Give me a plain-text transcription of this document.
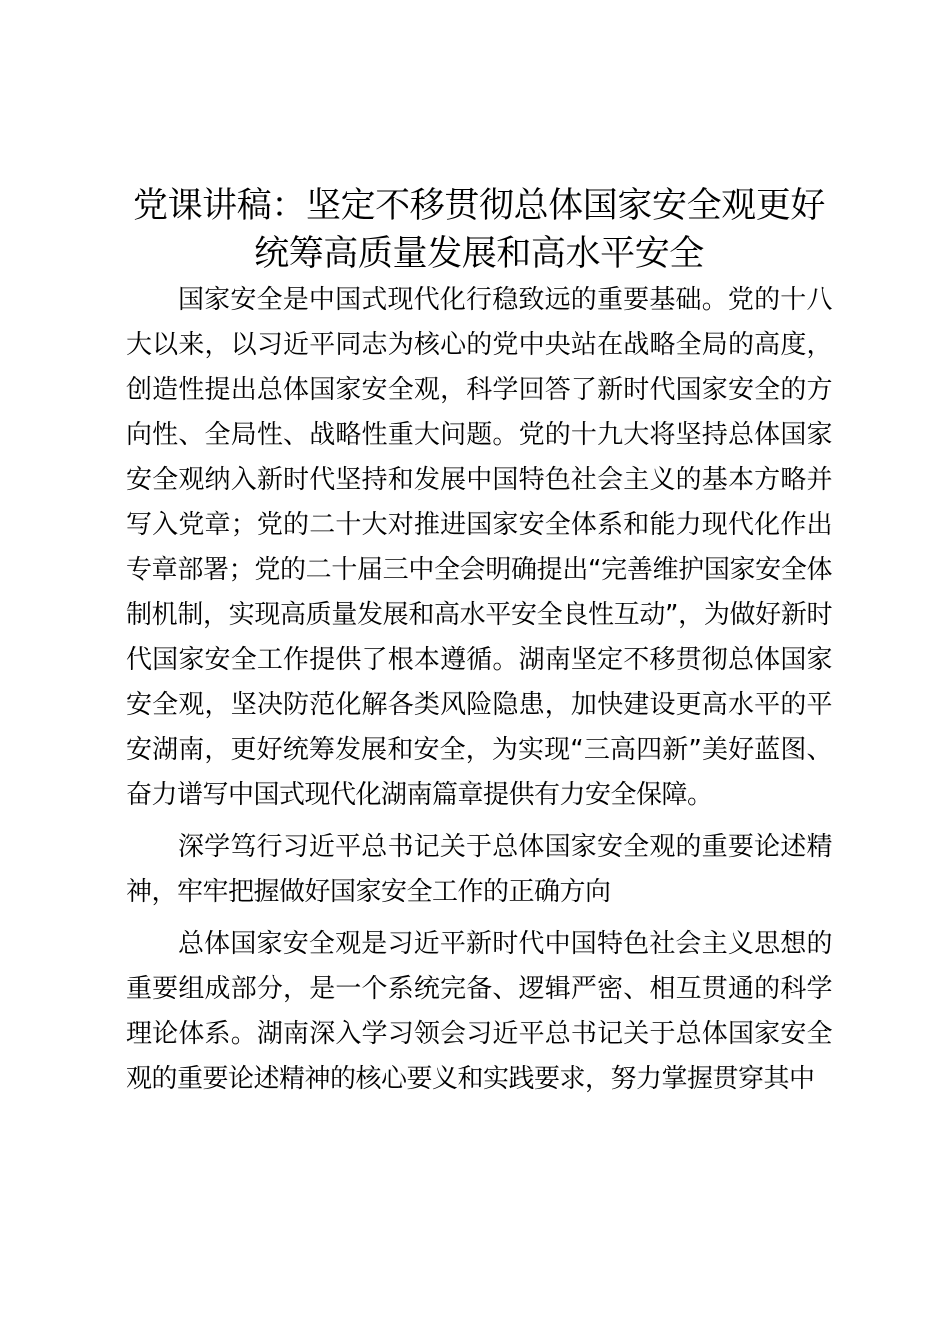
党课讲稿：坚定不移贯彻总体国家安全观更好
统筹高质量发展和高水平安全

国家安全是中国式现代化行稳致远的重要基础。党的十八大以来，以习近平同志为核心的党中央站在战略全局的高度，创造性提出总体国家安全观，科学回答了新时代国家安全的方向性、全局性、战略性重大问题。党的十九大将坚持总体国家安全观纳入新时代坚持和发展中国特色社会主义的基本方略并写入党章；党的二十大对推进国家安全体系和能力现代化作出专章部署；党的二十届三中全会明确提出“完善维护国家安全体制机制，实现高质量发展和高水平安全良性互动”，为做好新时代国家安全工作提供了根本遵循。湖南坚定不移贯彻总体国家安全观，坚决防范化解各类风险隐患，加快建设更高水平的平安湖南，更好统筹发展和安全，为实现“三高四新”美好蓝图、奋力谱写中国式现代化湖南篇章提供有力安全保障。

深学笃行习近平总书记关于总体国家安全观的重要论述精神，牢牢把握做好国家安全工作的正确方向

总体国家安全观是习近平新时代中国特色社会主义思想的重要组成部分，是一个系统完备、逻辑严密、相互贯通的科学理论体系。湖南深入学习领会习近平总书记关于总体国家安全观的重要论述精神的核心要义和实践要求，努力掌握贯穿其中
